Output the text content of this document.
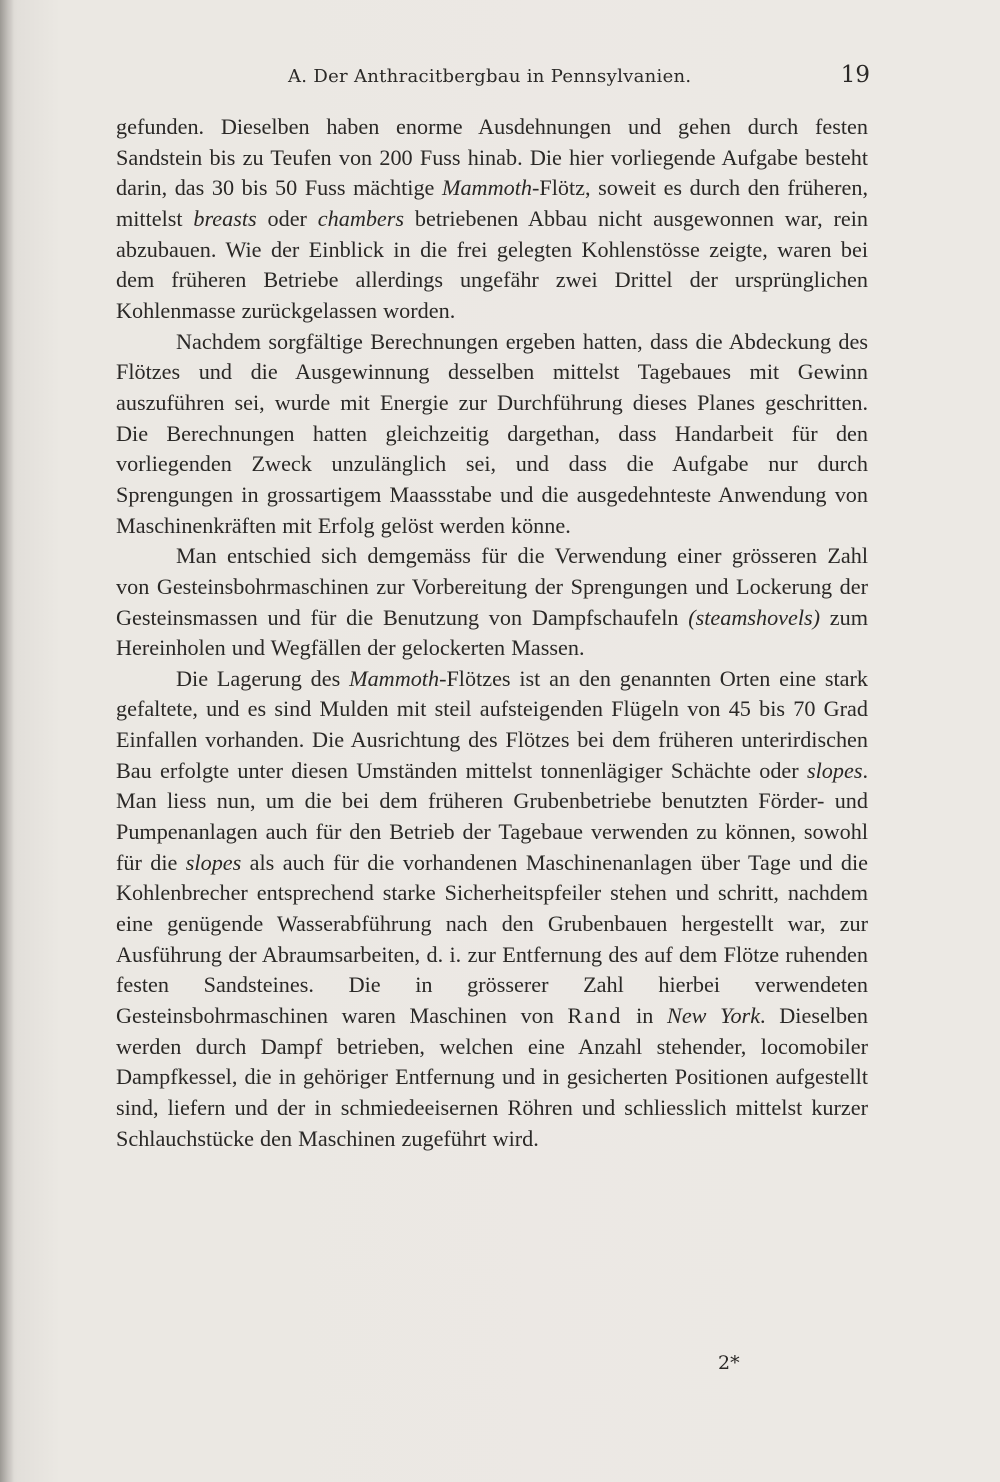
A. Der Anthracitbergbau in Pennsylvanien.	19

gefunden. Dieselben haben enorme Ausdehnungen und gehen durch festen Sandstein bis zu Teufen von 200 Fuss hinab. Die hier vorliegende Aufgabe besteht darin, das 30 bis 50 Fuss mächtige Mammoth-Flötz, soweit es durch den früheren, mittelst breasts oder chambers betriebenen Abbau nicht ausgewonnen war, rein abzubauen. Wie der Einblick in die frei gelegten Kohlenstösse zeigte, waren bei dem früheren Betriebe allerdings ungefähr zwei Drittel der ursprünglichen Kohlenmasse zurückgelassen worden.

Nachdem sorgfältige Berechnungen ergeben hatten, dass die Abdeckung des Flötzes und die Ausgewinnung desselben mittelst Tagebaues mit Gewinn auszuführen sei, wurde mit Energie zur Durchführung dieses Planes geschritten. Die Berechnungen hatten gleichzeitig dargethan, dass Handarbeit für den vorliegenden Zweck unzulänglich sei, und dass die Aufgabe nur durch Sprengungen in grossartigem Maassstabe und die ausgedehnteste Anwendung von Maschinenkräften mit Erfolg gelöst werden könne.

Man entschied sich demgemäss für die Verwendung einer grösseren Zahl von Gesteinsbohrmaschinen zur Vorbereitung der Sprengungen und Lockerung der Gesteinsmassen und für die Benutzung von Dampfschaufeln (steamshovels) zum Hereinholen und Wegfällen der gelockerten Massen.

Die Lagerung des Mammoth-Flötzes ist an den genannten Orten eine stark gefaltete, und es sind Mulden mit steil aufsteigenden Flügeln von 45 bis 70 Grad Einfallen vorhanden. Die Ausrichtung des Flötzes bei dem früheren unterirdischen Bau erfolgte unter diesen Umständen mittelst tonnenlägiger Schächte oder slopes. Man liess nun, um die bei dem früheren Grubenbetriebe benutzten Förder- und Pumpenanlagen auch für den Betrieb der Tagebaue verwenden zu können, sowohl für die slopes als auch für die vorhandenen Maschinenanlagen über Tage und die Kohlenbrecher entsprechend starke Sicherheitspfeiler stehen und schritt, nachdem eine genügende Wasserabführung nach den Grubenbauen hergestellt war, zur Ausführung der Abraumsarbeiten, d. i. zur Entfernung des auf dem Flötze ruhenden festen Sandsteines. Die in grösserer Zahl hierbei verwendeten Gesteinsbohrmaschinen waren Maschinen von Rand in New York. Dieselben werden durch Dampf betrieben, welchen eine Anzahl stehender, locomobiler Dampfkessel, die in gehöriger Entfernung und in gesicherten Positionen aufgestellt sind, liefern und der in schmiedeeisernen Röhren und schliesslich mittelst kurzer Schlauchstücke den Maschinen zugeführt wird.

2*
